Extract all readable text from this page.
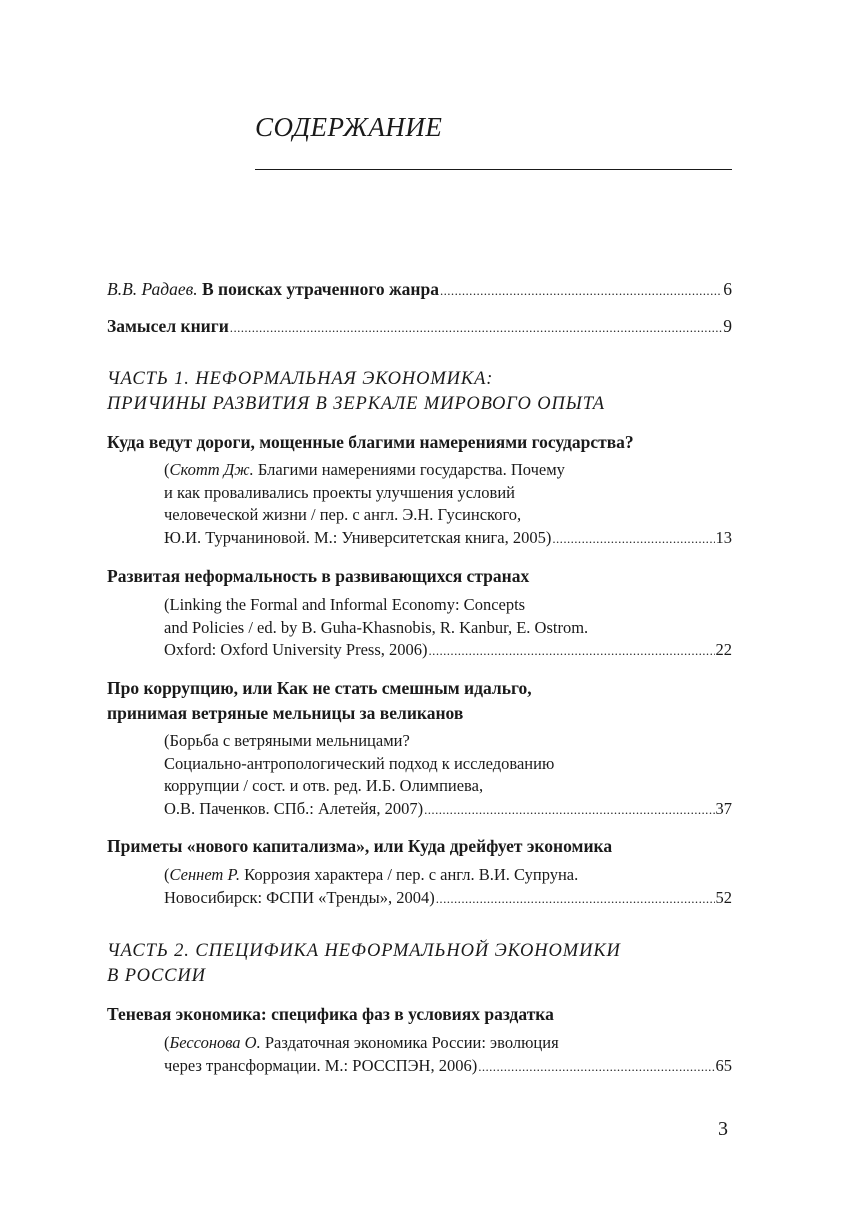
СОДЕРЖАНИЕ
В.В. Радаев.
В поисках утраченного жанра .....	6
Замысел книги .....	9
ЧАСТЬ 1. НЕФОРМАЛЬНАЯ ЭКОНОМИКА:
ПРИЧИНЫ РАЗВИТИЯ В ЗЕРКАЛЕ МИРОВОГО ОПЫТА
Куда ведут дороги, мощенные благими намерениями государства?
(Скотт Дж. Благими намерениями государства. Почему
и как проваливались проекты улучшения условий
человеческой жизни / пер. с англ. Э.Н. Гусинского,
Ю.И. Турчаниновой. М.: Университетская книга, 2005) .....	13
Развитая неформальность в развивающихся странах
(Linking the Formal and Informal Economy: Concepts
and Policies / ed. by B. Guha-Khasnobis, R. Kanbur, E. Ostrom.
Oxford: Oxford University Press, 2006) .....	22
Про коррупцию, или Как не стать смешным идальго,
принимая ветряные мельницы за великанов
(Борьба с ветряными мельницами?
Социально-антропологический подход к исследованию
коррупции / сост. и отв. ред. И.Б. Олимпиева,
О.В. Паченков. СПб.: Алетейя, 2007) .....	37
Приметы «нового капитализма», или Куда дрейфует экономика
(Сеннет Р. Коррозия характера / пер. с англ. В.И. Супруна.
Новосибирск: ФСПИ «Тренды», 2004) .....	52
ЧАСТЬ 2. СПЕЦИФИКА НЕФОРМАЛЬНОЙ ЭКОНОМИКИ
В РОССИИ
Теневая экономика: специфика фаз в условиях раздатка
(Бессонова О. Раздаточная экономика России: эволюция
через трансформации. М.: РОССПЭН, 2006) .....	65
3
